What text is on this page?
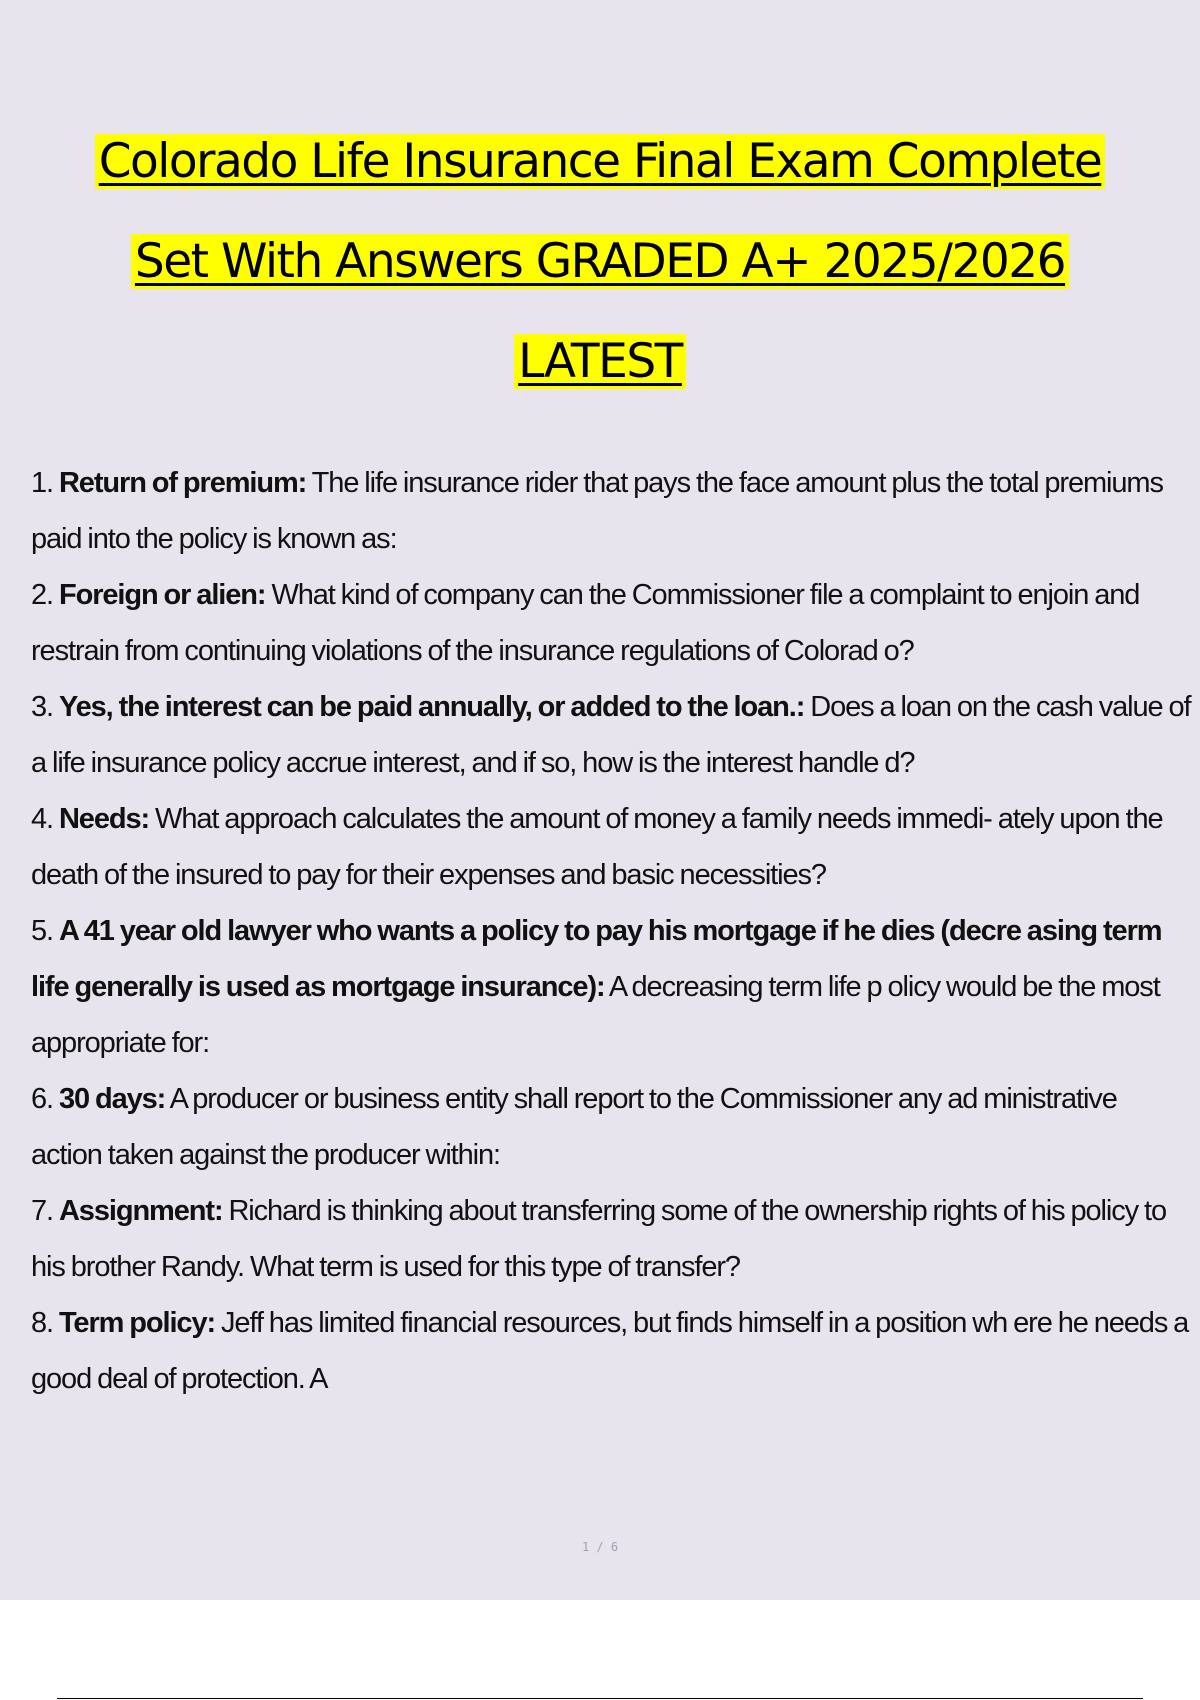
Colorado Life Insurance Final Exam Complete
Set With Answers GRADED A+ 2025/2026
LATEST

1. Return of premium: The life insurance rider that pays the face amount plus the total premiums paid into the policy is known as:

2. Foreign or alien: What kind of company can the Commissioner file a complaint to enjoin and restrain from continuing violations of the insurance regulations of Colorad o?

3. Yes, the interest can be paid annually, or added to the loan.: Does a loan on the cash value of a life insurance policy accrue interest, and if so, how is the interest handle d?

4. Needs: What approach calculates the amount of money a family needs immedi- ately upon the death of the insured to pay for their expenses and basic necessities?

5. A 41 year old lawyer who wants a policy to pay his mortgage if he dies (decre asing term life generally is used as mortgage insurance): A decreasing term life p olicy would be the most appropriate for:

6. 30 days: A producer or business entity shall report to the Commissioner any ad ministrative action taken against the producer within:

7. Assignment: Richard is thinking about transferring some of the ownership rights of his policy to his brother Randy. What term is used for this type of transfer?

8. Term policy: Jeff has limited financial resources, but finds himself in a position wh ere he needs a good deal of protection. A

1 / 6
